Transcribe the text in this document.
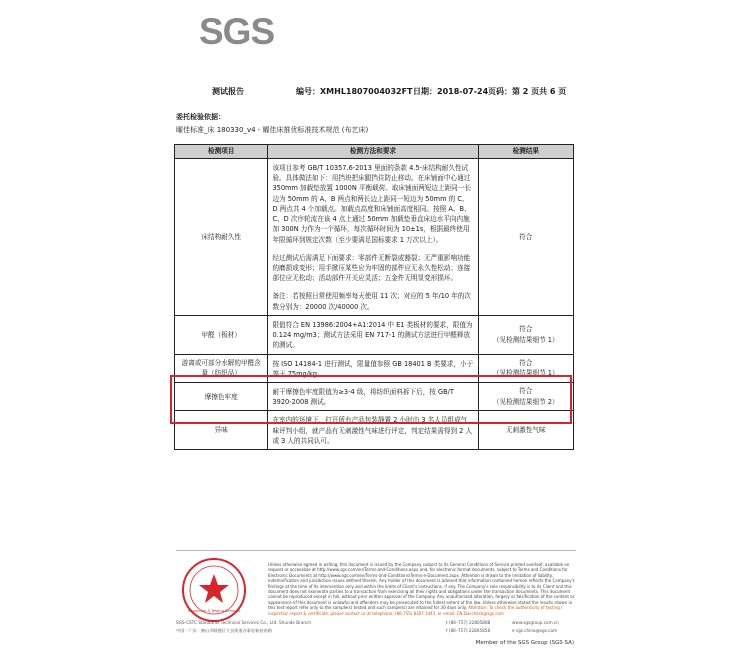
SGS
测试报告	编号：XMHL1807004032FT 日期：2018-07-24 页码：第 2 页共 6 页
委托检验依据：
曜佳标准_床 180330_v4 - 曜佳床推优标准技术规范 (布艺床)
检测项目	检测方法和要求	检测结果
床结构耐久性	该项目参考 GB/T 10357.6-2013 里面的条款 4.5-床结构耐久性试验。具体做法如下：用挡块把床腿挡住防止移动。在床铺面中心通过 350mm 加载垫放置 1000N 平衡载荷。取床铺面两短边上距同一长边为 50mm 的 A、B 两点和两长边上距同一短边为 50mm 的 C、D 两点共 4 个加载点。加载点高度和床铺面高度相同。按照 A、B、C、D 次序轮流在该 4 点上通过 50mm 加载垫垂直床边水平向内施加 300N 力作为一个循环，每次循环时间为 10±1s，根据最终使用年限循环到规定次数（至少要满足国标要求 1 万次以上）。
经过测试后需满足下面要求：零部件无断裂或豁裂；无严重影响功能的磨损或变形；用手掀压某些应为牢固的部件应无永久性松动；连接部位应无松动；活动部件开关应灵活；五金件无明显变形损坏。
备注：若按照日常使用频率每天使用 11 次；对应的 5 年/10 年的次数分别为：20000 次/40000 次。	符合
甲醛（板材）	限值符合 EN 13986:2004+A1:2014 中 E1 类板材的要求，限值为 0.124 mg/m3；测试方法采用 EN 717-1 的测试方法进行甲醛释放的测试。	符合
（见检测结果细节 1）

游离或可部分水解的甲醛含量（纺织品）	按 ISO 14184-1 进行测试，限量值参照 GB 18401 B 类要求，小于等于 75mg/kg。	符合
（见检测结果细节 1）

摩擦色牢度	耐干摩擦色牢度限值为≥3-4 级，将纺织面料拆下后，按 GB/T 3920-2008 测试。	符合
（见检测结果细节 2）

异味	在室内的环境下，打开所有产品包装静置 2 小时由 3 名人员组成气味评判小组，就产品有无刺激性气味进行评定，判定结果需得到 2 人或 3 人的共同认可。	无刺激性气味
Inspection & Testing Services
Unless otherwise agreed in writing, this document is issued by the Company subject to its General Conditions of Service printed overleaf, available on request or accessible at http://www.sgs.com/en/Terms-and-Conditions.aspx and, for electronic format documents, subject to Terms and Conditions for Electronic Documents at http://www.sgs.com/en/Terms-and-Conditions/Terms-e-Document.aspx. Attention is drawn to the limitation of liability, indemnification and jurisdiction issues defined therein. Any holder of this document is advised that information contained hereon reflects the Company's findings at the time of its intervention only and within the limits of Client's instructions, if any. The Company's sole responsibility is to its Client and this document does not exonerate parties to a transaction from exercising all their rights and obligations under the transaction documents. This document cannot be reproduced except in full, without prior written approval of the Company. Any unauthorized alteration, forgery or falsification of the content or appearance of this document is unlawful and offenders may be prosecuted to the fullest extent of the law. Unless otherwise stated the results shown in this test report refer only to the sample(s) tested and such sample(s) are retained for 30 days only. Attention: To check the authenticity of testing / inspection report & certificate, please contact us at telephone: (86-755) 8307 1443, or email: CN.Doccheck@sgs.com
SGS-CSTC Standards Technical Services Co., Ltd. Shunde Branch	t (86–757) 22805888	www.sgsgroup.com.cn
中国 · 广东 · 佛山市顺德区大良街道办事处新桂南路	f (86–757) 22805858	e sgs.china@sgs.com
Member of the SGS Group (SGS SA)
